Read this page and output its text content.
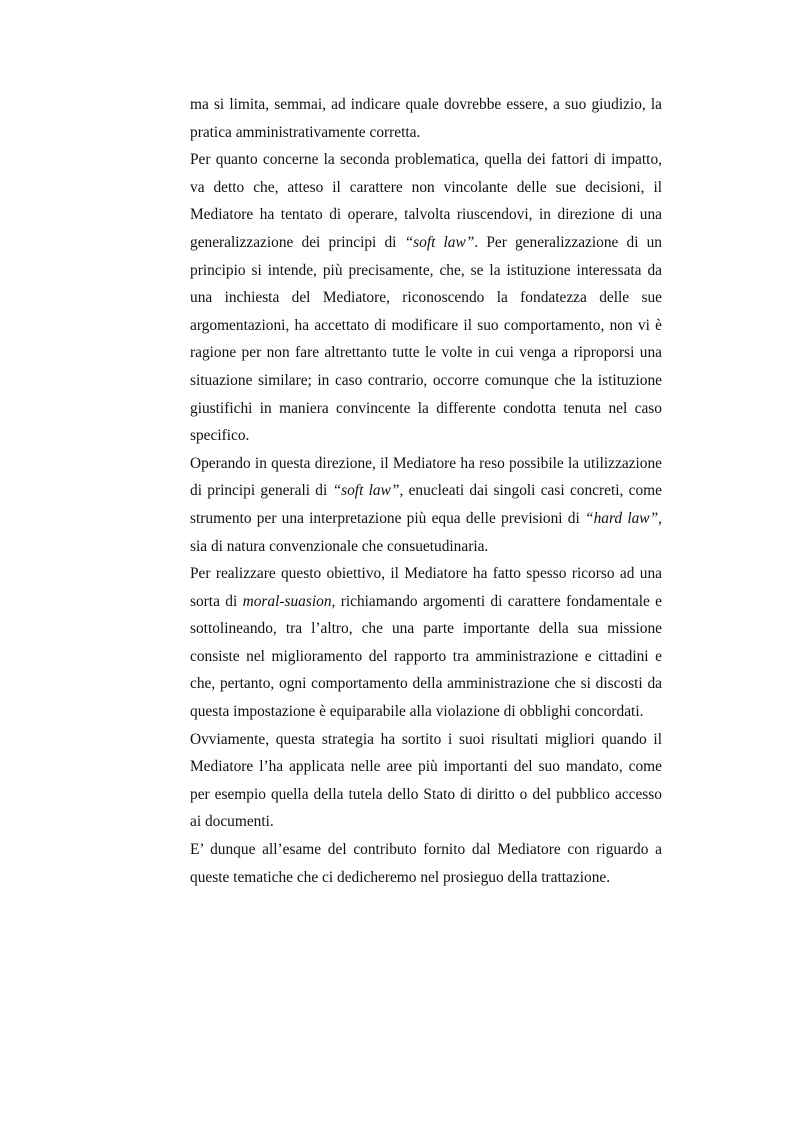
ma si limita, semmai, ad indicare quale dovrebbe essere, a suo giudizio, la pratica amministrativamente corretta.

Per quanto concerne la seconda problematica, quella dei fattori di impatto, va detto che, atteso il carattere non vincolante delle sue decisioni, il Mediatore ha tentato di operare, talvolta riuscendovi, in direzione di una generalizzazione dei principi di “soft law”. Per generalizzazione di un principio si intende, più precisamente, che, se la istituzione interessata da una inchiesta del Mediatore, riconoscendo la fondatezza delle sue argomentazioni, ha accettato di modificare il suo comportamento, non vi è ragione per non fare altrettanto tutte le volte in cui venga a riproporsi una situazione similare; in caso contrario, occorre comunque che la istituzione giustifichi in maniera convincente la differente condotta tenuta nel caso specifico.

Operando in questa direzione, il Mediatore ha reso possibile la utilizzazione di principi generali di “soft law”, enucleati dai singoli casi concreti, come strumento per una interpretazione più equa delle previsioni di “hard law”, sia di natura convenzionale che consuetudinaria.

Per realizzare questo obiettivo, il Mediatore ha fatto spesso ricorso ad una sorta di moral-suasion, richiamando argomenti di carattere fondamentale e sottolineando, tra l’altro, che una parte importante della sua missione consiste nel miglioramento del rapporto tra amministrazione e cittadini e che, pertanto, ogni comportamento della amministrazione che si discosti da questa impostazione è equiparabile alla violazione di obblighi concordati.

Ovviamente, questa strategia ha sortito i suoi risultati migliori quando il Mediatore l’ha applicata nelle aree più importanti del suo mandato, come per esempio quella della tutela dello Stato di diritto o del pubblico accesso ai documenti.

E’ dunque all’esame del contributo fornito dal Mediatore con riguardo a queste tematiche che ci dedicheremo nel prosieguo della trattazione.
